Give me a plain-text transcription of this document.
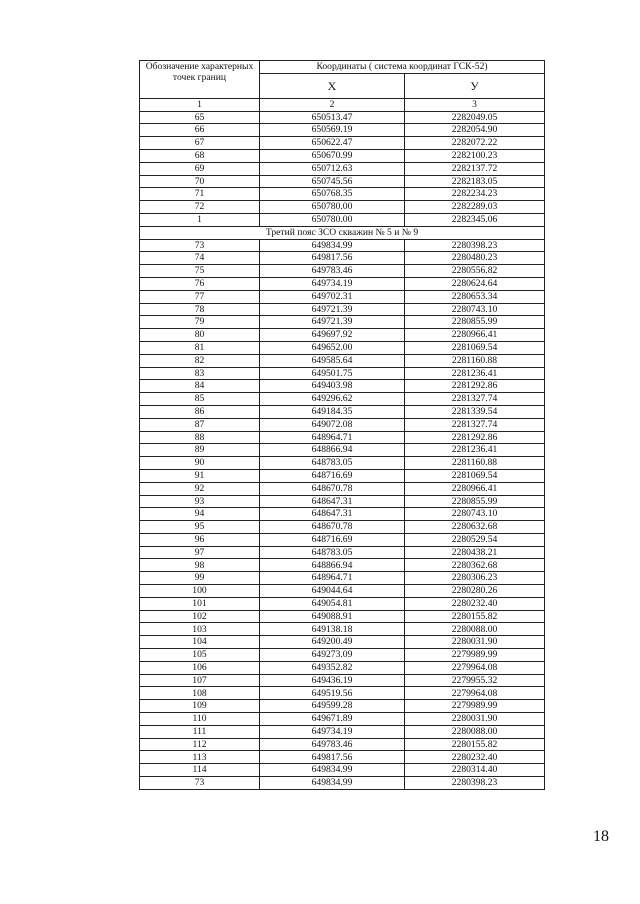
Обозначение характерных точек границ	Координаты ( система координат ГСК-52)	
	X	У
1	2	3
65	650513.47	2282049.05
66	650569.19	2282054.90
67	650622.47	2282072.22
68	650670.99	2282100.23
69	650712.63	2282137.72
70	650745.56	2282183.05
71	650768.35	2282234.23
72	650780.00	2282289.03
1	650780.00	2282345.06
Третий пояс ЗСО скважин № 5 и № 9		
73	649834.99	2280398.23
74	649817.56	2280480.23
75	649783.46	2280556.82
76	649734.19	2280624.64
77	649702.31	2280653.34
78	649721.39	2280743.10
79	649721.39	2280855.99
80	649697.92	2280966.41
81	649652.00	2281069.54
82	649585.64	2281160.88
83	649501.75	2281236.41
84	649403.98	2281292.86
85	649296.62	2281327.74
86	649184.35	2281339.54
87	649072.08	2281327.74
88	648964.71	2281292.86
89	648866.94	2281236.41
90	648783.05	2281160.88
91	648716.69	2281069.54
92	648670.78	2280966.41
93	648647.31	2280855.99
94	648647.31	2280743.10
95	648670.78	2280632.68
96	648716.69	2280529.54
97	648783.05	2280438.21
98	648866.94	2280362.68
99	648964.71	2280306.23
100	649044.64	2280280.26
101	649054.81	2280232.40
102	649088.91	2280155.82
103	649138.18	2280088.00
104	649200.49	2280031.90
105	649273.09	2279989.99
106	649352.82	2279964.08
107	649436.19	2279955.32
108	649519.56	2279964.08
109	649599.28	2279989.99
110	649671.89	2280031.90
111	649734.19	2280088.00
112	649783.46	2280155.82
113	649817.56	2280232.40
114	649834.99	2280314.40
73	649834.99	2280398.23
18
